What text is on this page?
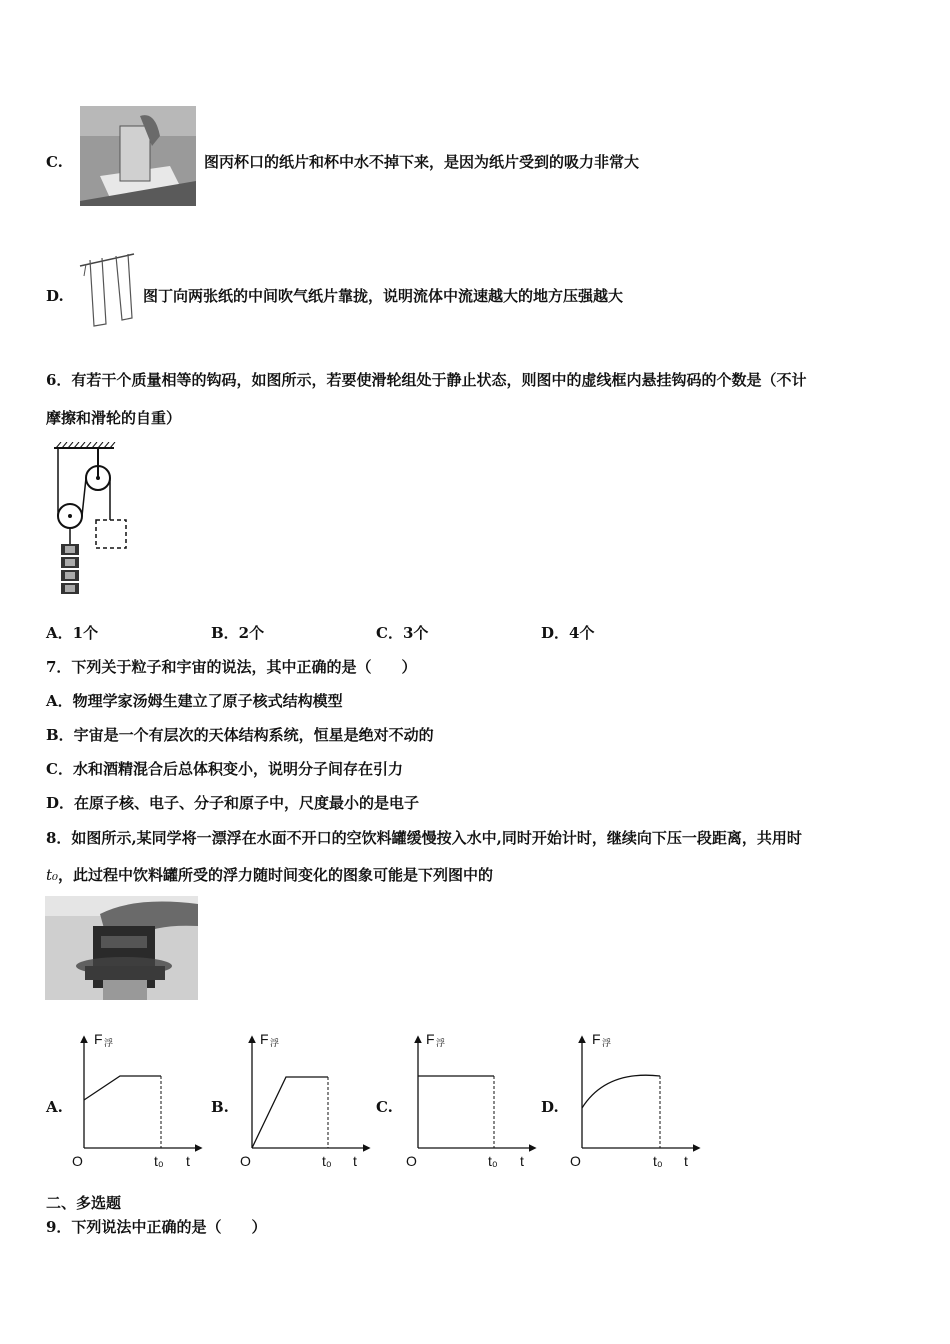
C.	图丙杯口的纸片和杯中水不掉下来，是因为纸片受到的吸力非常大
D.	图丁向两张纸的中间吹气纸片靠拢，说明流体中流速越大的地方压强越大
6．有若干个质量相等的钩码，如图所示，若要使滑轮组处于静止状态，则图中的虚线框内悬挂钩码的个数是（不计
摩擦和滑轮的自重）
A．1个	B．2个	C．3个	D．4个
7．下列关于粒子和宇宙的说法，其中正确的是（　　）
A．物理学家汤姆生建立了原子核式结构模型
B．宇宙是一个有层次的天体结构系统，恒星是绝对不动的
C．水和酒精混合后总体积变小，说明分子间存在引力
D．在原子核、电子、分子和原子中，尺度最小的是电子
8．如图所示,某同学将一漂浮在水面不开口的空饮料罐缓慢按入水中,同时开始计时，继续向下压一段距离，共用时
t₀，此过程中饮料罐所受的浮力随时间变化的图象可能是下列图中的
A.
F 浮
O	t₀ t
B.
F 浮
O	t₀ t
C.
F 浮
O	t₀ t
D.
F 浮
O	t₀ t
二、多选题
9．下列说法中正确的是（　　）
